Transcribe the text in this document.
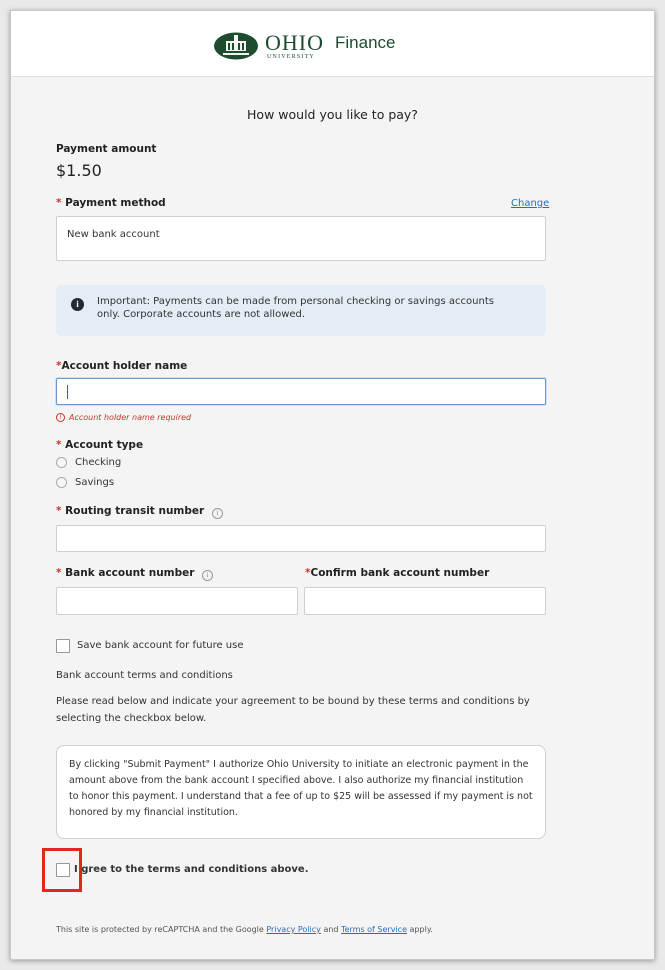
OHIO
UNIVERSITY
Finance
How would you like to pay?
Payment amount
$1.50
* Payment method	Change
New bank account
i	Important: Payments can be made from personal checking or savings accounts only. Corporate accounts are not allowed.
*Account holder name
! Account holder name required
* Account type
Checking
Savings
* Routing transit number i
* Bank account number i	*Confirm bank account number
Save bank account for future use
Bank account terms and conditions
Please read below and indicate your agreement to be bound by these terms and conditions by selecting the checkbox below.
By clicking "Submit Payment" I authorize Ohio University to initiate an electronic payment in the amount above from the bank account I specified above. I also authorize my financial institution to honor this payment. I understand that a fee of up to $25 will be assessed if my payment is not honored by my financial institution.
I gree to the terms and conditions above.
This site is protected by reCAPTCHA and the Google Privacy Policy and Terms of Service apply.
